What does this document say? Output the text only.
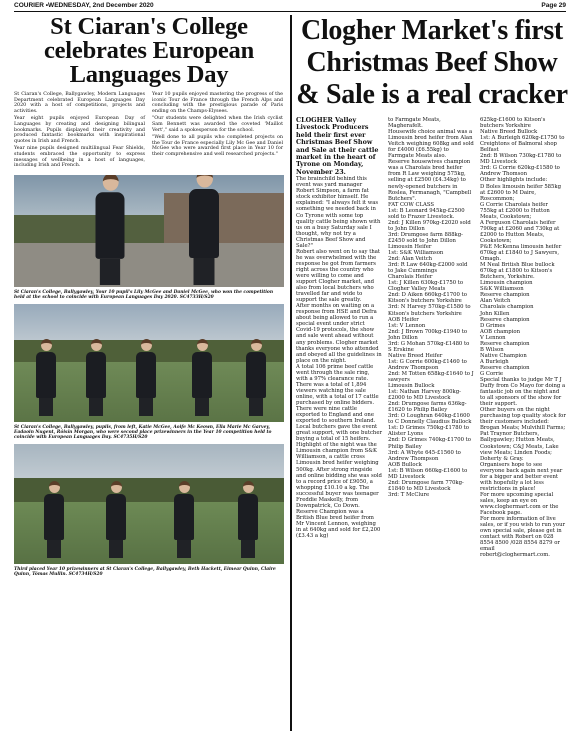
COURIER •WEDNESDAY, 2nd December 2020	Page 29
St Ciaran's College celebrates European Languages Day

St Ciaran's College, Ballygawley, Modern Languages Department celebrated European Languages Day 2020 with a host of competitions, projects and activities.

Year eight pupils enjoyed European Day of Languages by creating and designing bilingual bookmarks. Pupils displayed their creativity and produced fantastic bookmarks with inspirational quotes in Irish and French.

Year nine pupils designed multilingual Fear Shields, students embraced the opportunity to express messages of wellbeing in a host of languages, including Irish and French.

Year 10 pupils enjoyed mastering the progress of the iconic Tour de France through the French Alps and concluding with the prestigious parade of Paris ending on the Champs-Elysees.

"Our students were delighted when the Irish cyclist Sam Bennett was awarded the coveted 'Maillot Vert'," said a spokesperson for the school.

"Well done to all pupils who completed projects on the Tour de France especially Lily Mc Gee and Daniel McGee who were awarded first place in Year 10 for their comprehensive and well researched projects."

St Ciaran's College, Ballygawley, Your 10 pupil's Lily McGee and Daniel McGee, who won the competition held at the school to coincide with European Languages Day 2020. SC4733H/S20
St Ciaran's College, Ballygawley, pupils, from left, Katie McGee, Aoife Mc Keown, Ella Marie Mc Garvey, Eadaoin Nugent, Róisín Morgan, who were second place prizewinners in the Year 10 competition held to coincide with European Languages Day. SC4735H/S20
Third placed Year 10 prizewinners at St Ciaran's College, Ballygawley, Beth Hackett, Eimear Quinn, Claire Quinn, Tómas Mullin. SC4734H/S20
Clogher Market's first Christmas Beef Show & Sale is a real cracker
CLOGHER Valley Livestock Producers held their first ever Christmas Beef Show and Sale at their cattle market in the heart of Tyrone on Monday, November 23.
The brainchild behind this event was yard manager Robert Simpson, a farm fat stock exhibitor himself. He explained: "I always felt it was something we needed back in Co Tyrone with some top quality cattle being shown with us on a busy Saturday sale I thought, why not try a Christmas Beef Show and Sale?"
Robert also went on to say that he was overwhelmed with the response he got from farmers right across the country who were willing to come and support Clogher market, and also from local butchers who travelled far and wide to support the sale greatly.
After months on waiting on a response from HSE and Defra about being allowed to run a special event under strict Covid-19 protocols, the show and sale went ahead without any problems. Clogher market thanks everyone who attended and obeyed all the guidelines in place on the night.
A total 106 prime beef cattle went through the sale ring, with a 97% clearance rate. There was a total of 1,894 viewers watching the sale online, with a total of 17 cattle purchased by online bidders. There were nine cattle exported to England and one exported to southern Ireland.
Local butchers gave the event great support, with one butcher buying a total of 15 heifers.
Highlight of the night was the Limousin champion from S&K Williamson, a cattle cross Limousin bred heifer weighing 500kg. After strong ringside and online bidding she was sold to a record price of £9050, a whopping £10.10 a kg. The successful buyer was teenager Freddie Maskelly, from Downpatrick, Co Down.
Reserve Champion was a British Blue bred heifer from Mr Vincent Lennon, weighing in at 640kg and sold for £2,200 (£3.43 a kg)
to Farmgate Meats, Magherafelt.
Housewife choice animal was a Limousin bred heifer from Alan Veitch weighing 608kg and sold for £4000 (£6.55kg) to Farmgate Meats also.
Reserve housewives champion was a Charolais bred heifer from R Law weighing 575kg, selling at £2500 (£4.34kg) to newly-opened butchers in Roslea, Fermanagh, "Campbell Butchers".
FAT COW CLASS
1st: B Leonard 945kg-£2500 sold to Frazer Livestock.
2nd: J Killen 970kg-£2020 sold to John Dillon
3rd: Drumgose farm 888kg-£2450 sold to John Dillon
Limousin Heifer
1st: S&K Williamson
2nd: Alan Veitch
3rd: R Law 640kg-£2000 sold to Jake Cummings
Charolais Heifer
1st: J Killen 630kg-£1750 to Clogher Valley Meats
2nd: D Aiken 660kg-£1700 to Kitson's butchers Yorkshire
3rd: N Harvey 570kg-£1580 to Kitson's butchers Yorkshire
AOB Heifer
1st: V Lennon
2nd: J Brown 700kg-£1940 to John Dillon
3rd: G Mohan 570kg-£1480 to S Erskine
Native Breed Heifer
1st: G Corrie 600kg-£1460 to Andrew Thompson
2nd: M Totten 658kg-£1640 to J sawyers
Limousin Bullock
1st: Nathan Harvey 800kg-£2000 to MD Livestock
2nd: Drumgose farms 636kg-£1620 to Philip Bailey
3rd: O Loughran 640kg-£1600 to C Donnelly Claudius Bullock
1st: D Grimes 750kg-£1780 to Alister Lyons
2nd: D Grimes 740kg-£1700 to Philip Bailey
3rd: A Whyte 645-£1560 to Andrew Thompson
AOB Bullock
1st: B Wilson 660kg-£1600 to MD Livestock
2nd: Drumgose farm 770kg-£1840 to MD Livestock
3rd: T McClure
625kg-£1600 to Kitson's butchers Yorkshire
Native Breed Bullock
1st: A Burleigh 620kg-£1750 to Creightons of Balmoral shop Belfast
2nd: B Wilson 730kg-£1780 to MD Livestock
3rd: G Corrie 620kg-£1580 to Andrew Thomson
Other highlights include:
D Boles limousin heifer 585kg at £2600 to M Daire, Roscommon;
G Corrie Charolais heifer 755kg at £2000 to Hutton Meats, Cookstown;
A Ferguson Charolais heifer 790kg at £2060 and 730kg at £2000 to Hutton Meats, Cookstown;
P&E McKenna limousin heifer 670kg at £1840 to J Sawyers, Omagh.
M Neal British Blue bullock 670kg at £1800 to Kitson's Butchers, Yorkshire.
Limousin champion
S&K Williamson
Reserve champion
Alan Veitch
Charolais champion
John Killen
Reserve champion
D Grimes
AOB champion
V Lennon
Reserve champion
B Wilson
Native Champion
A Burleigh
Reserve champion
G Corrie
Special thanks to judge Mr T J Duffy from Co Mayo for doing a fantastic job on the night and to all sponsors of the show for their support.
Other buyers on the night purchasing top quality stock for their customers included: Brogan Meats; Mulvihill Farms; Pat Traynor Butchers, Ballygawley; Hutton Meats, Cookstown; C&J Meats, Lake view Meats; Linden Foods; Doherty & Gray.
Organisers hope to see everyone back again next year for a bigger and better event with hopefully a lot less restrictions in place!
For more upcoming special sales, keep an eye on www.cloghermart.com or the Facebook page.
For more information of live sales, or if you wish to run your own special sale, please get in contact with Robert on 028 8554 8500 /028 8554 8279 or email robert@cloghermart.com.
